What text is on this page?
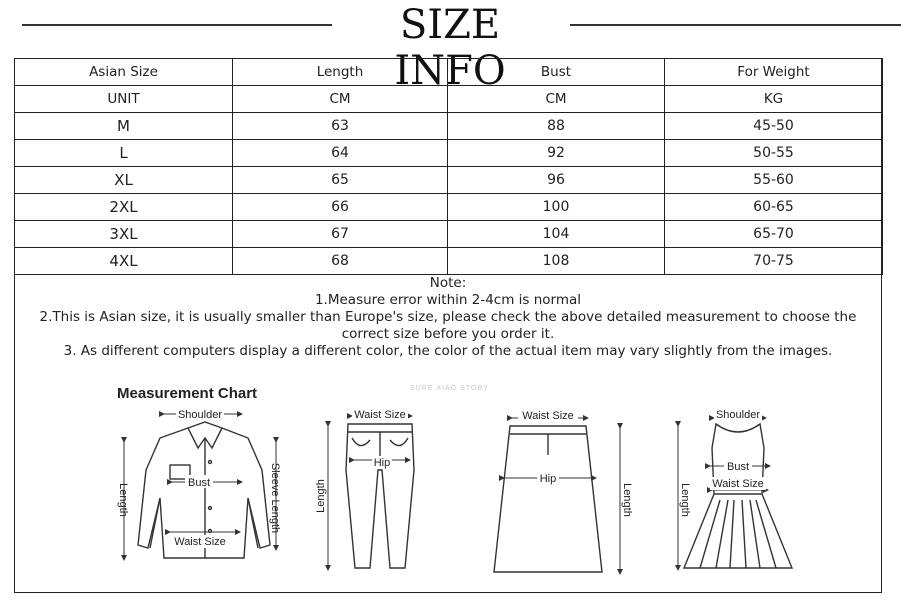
SIZE INFO
Asian Size	Length	Bust	For Weight
UNIT	CM	CM	KG
M	63	88	45-50
L	64	92	50-55
XL	65	96	55-60
2XL	66	100	60-65
3XL	67	104	65-70
4XL	68	108	70-75
Note:
1.Measure error within 2-4cm is normal
2.This is Asian size, it is usually smaller than Europe's size, please check the above detailed measurement to choose the correct size before you order it.
3. As different computers display a different color, the color of the actual item may vary slightly from the images.
Measurement Chart	SURE XIAO STORY
Shoulder
Bust
Waist Size
Length	Sleeve Length
Waist Size
Hip
Length
Waist Size
Hip
Length
Shoulder
Bust
Waist Size
Length
